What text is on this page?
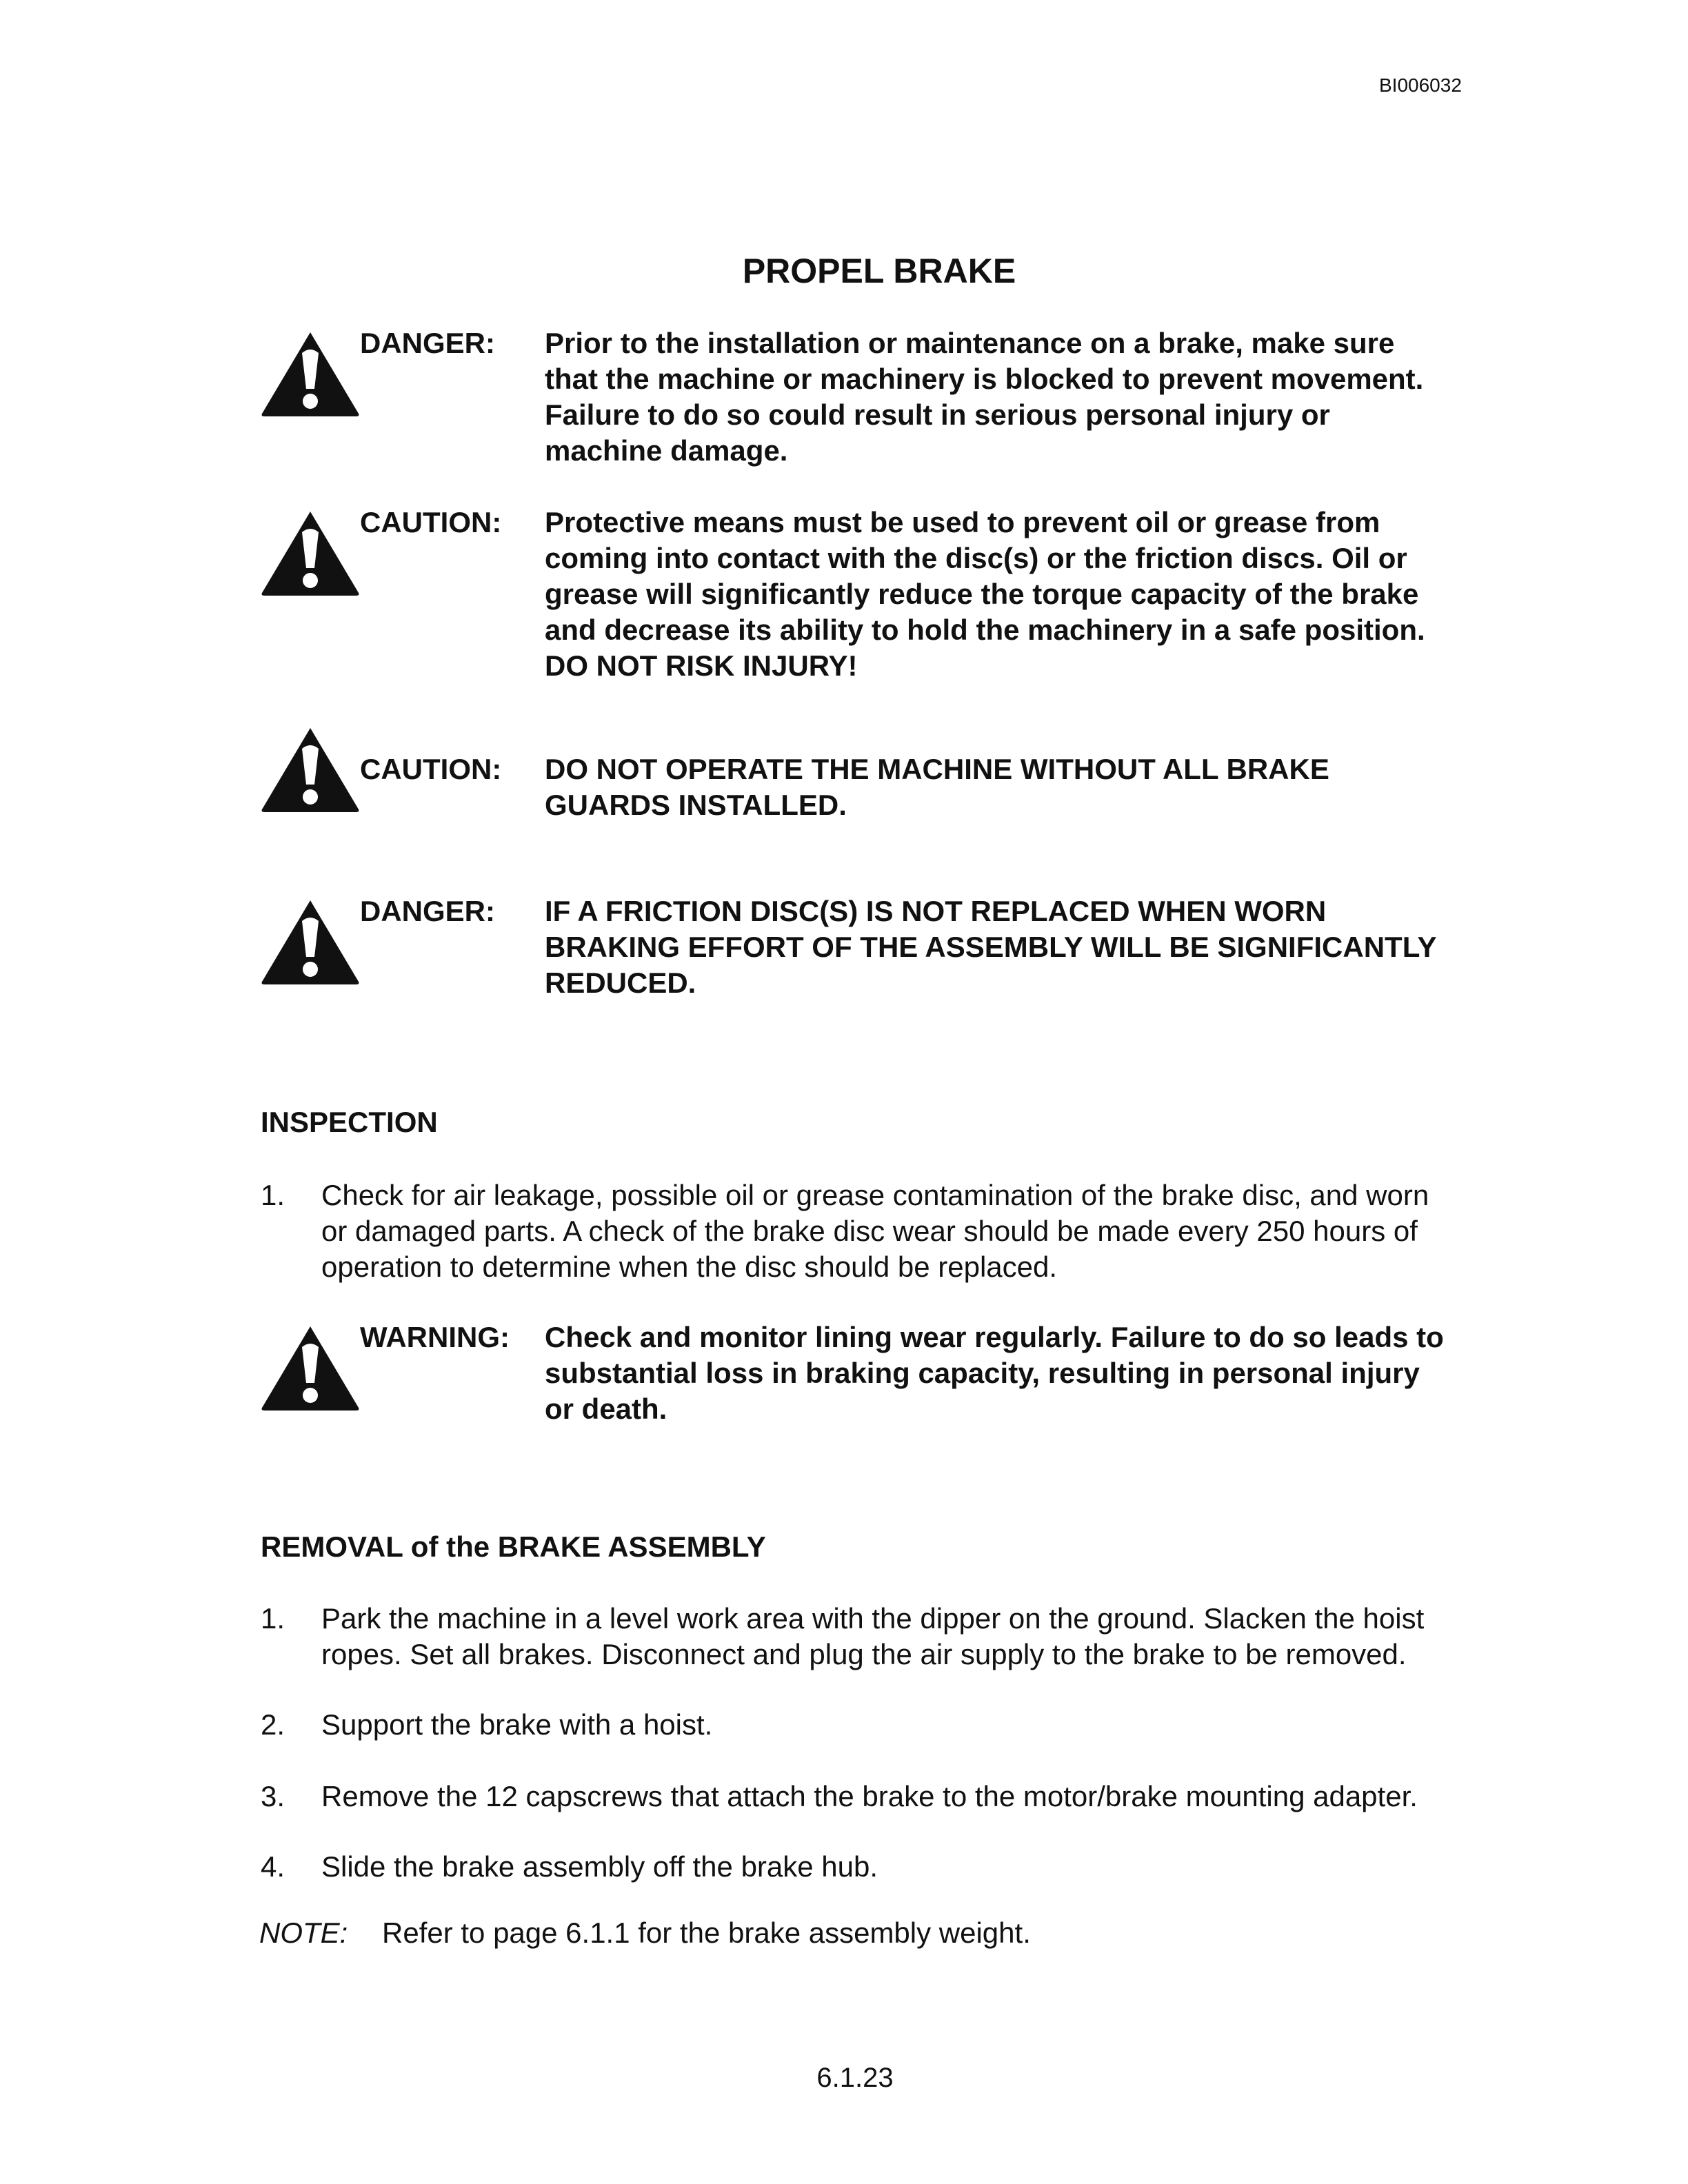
BI006032
PROPEL BRAKE
DANGER: Prior to the installation or maintenance on a brake, make sure that the machine or machinery is blocked to prevent movement. Failure to do so could result in serious personal injury or machine damage.
CAUTION: Protective means must be used to prevent oil or grease from coming into contact with the disc(s) or the friction discs. Oil or grease will significantly reduce the torque capacity of the brake and decrease its ability to hold the machinery in a safe position. DO NOT RISK INJURY!
CAUTION: DO NOT OPERATE THE MACHINE WITHOUT ALL BRAKE GUARDS INSTALLED.
DANGER: IF A FRICTION DISC(S) IS NOT REPLACED WHEN WORN BRAKING EFFORT OF THE ASSEMBLY WILL BE SIGNIFICANTLY REDUCED.
INSPECTION
1. Check for air leakage, possible oil or grease contamination of the brake disc, and worn or damaged parts. A check of the brake disc wear should be made every 250 hours of operation to determine when the disc should be replaced.
WARNING: Check and monitor lining wear regularly. Failure to do so leads to substantial loss in braking capacity, resulting in personal injury or death.
REMOVAL of the BRAKE ASSEMBLY
1. Park the machine in a level work area with the dipper on the ground. Slacken the hoist ropes. Set all brakes. Disconnect and plug the air supply to the brake to be removed.
2. Support the brake with a hoist.
3. Remove the 12 capscrews that attach the brake to the motor/brake mounting adapter.
4. Slide the brake assembly off the brake hub.
NOTE: Refer to page 6.1.1 for the brake assembly weight.
6.1.23
